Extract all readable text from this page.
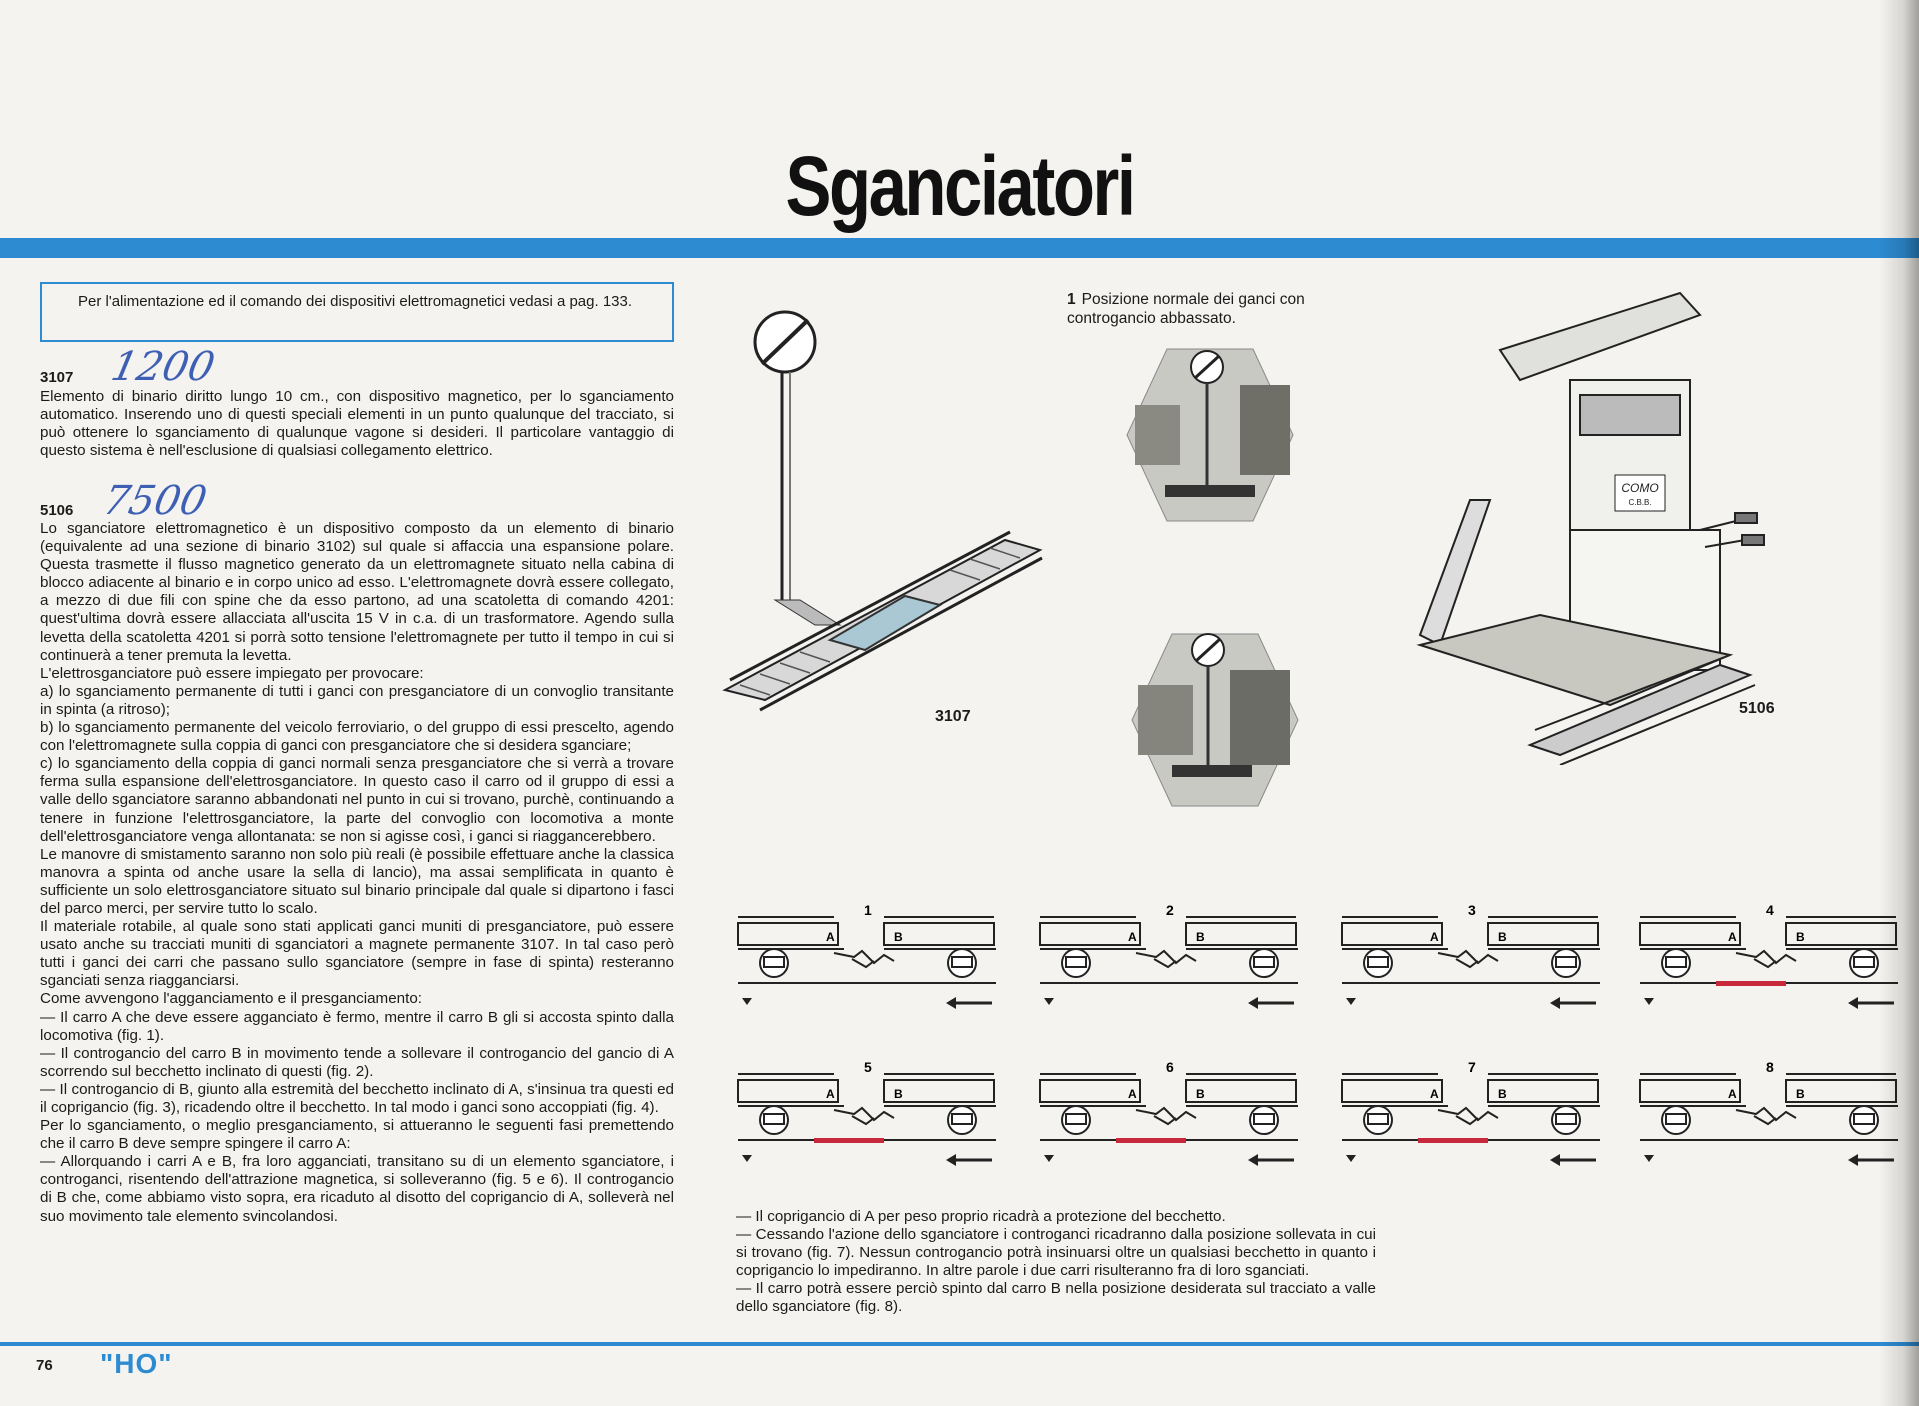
Sganciatori
Per l'alimentazione ed il comando dei dispositivi elettromagnetici vedasi a pag. 133.
3107 1200

Elemento di binario diritto lungo 10 cm., con dispositivo magnetico, per lo sganciamento automatico. Inserendo uno di questi speciali elementi in un punto qualunque del tracciato, si può ottenere lo sganciamento di qualunque vagone si desideri. Il particolare vantaggio di questo sistema è nell'esclusione di qualsiasi collegamento elettrico.

5106 7500

Lo sganciatore elettromagnetico è un dispositivo composto da un elemento di binario (equivalente ad una sezione di binario 3102) sul quale si affaccia una espansione polare. Questa trasmette il flusso magnetico generato da un elettromagnete situato nella cabina di blocco adiacente al binario e in corpo unico ad esso. L'elettromagnete dovrà essere collegato, a mezzo di due fili con spine che da esso partono, ad una scatoletta di comando 4201: quest'ultima dovrà essere allacciata all'uscita 15 V in c.a. di un trasformatore. Agendo sulla levetta della scatoletta 4201 si porrà sotto tensione l'elettromagnete per tutto il tempo in cui si continuerà a tener premuta la levetta.

L'elettrosganciatore può essere impiegato per provocare:

a) lo sganciamento permanente di tutti i ganci con presganciatore di un convoglio transitante in spinta (a ritroso);

b) lo sganciamento permanente del veicolo ferroviario, o del gruppo di essi prescelto, agendo con l'elettromagnete sulla coppia di ganci con presganciatore che si desidera sganciare;

c) lo sganciamento della coppia di ganci normali senza presganciatore che si verrà a trovare ferma sulla espansione dell'elettrosganciatore. In questo caso il carro od il gruppo di essi a valle dello sganciatore saranno abbandonati nel punto in cui si trovano, purchè, continuando a tenere in funzione l'elettrosganciatore, la parte del convoglio con locomotiva a monte dell'elettrosganciatore venga allontanata: se non si agisse così, i ganci si riaggancerebbero.

Le manovre di smistamento saranno non solo più reali (è possibile effettuare anche la classica manovra a spinta od anche usare la sella di lancio), ma assai semplificata in quanto è sufficiente un solo elettrosganciatore situato sul binario principale dal quale si dipartono i fasci del parco merci, per servire tutto lo scalo.

Il materiale rotabile, al quale sono stati applicati ganci muniti di presganciatore, può essere usato anche su tracciati muniti di sganciatori a magnete permanente 3107. In tal caso però tutti i ganci dei carri che passano sullo sganciatore (sempre in fase di spinta) resteranno sganciati senza riagganciarsi.

Come avvengono l'agganciamento e il presganciamento:

— Il carro A che deve essere agganciato è fermo, mentre il carro B gli si accosta spinto dalla locomotiva (fig. 1).

— Il controgancio del carro B in movimento tende a sollevare il controgancio del gancio di A scorrendo sul becchetto inclinato di questi (fig. 2).

— Il controgancio di B, giunto alla estremità del becchetto inclinato di A, s'insinua tra questi ed il coprigancio (fig. 3), ricadendo oltre il becchetto. In tal modo i ganci sono accoppiati (fig. 4).

Per lo sganciamento, o meglio presganciamento, si attueranno le seguenti fasi premettendo che il carro B deve sempre spingere il carro A:

— Allorquando i carri A e B, fra loro agganciati, transitano su di un elemento sganciatore, i controganci, risentendo dell'attrazione magnetica, si solleveranno (fig. 5 e 6). Il controgancio di B che, come abbiamo visto sopra, era ricaduto al disotto del coprigancio di A, solleverà nel suo movimento tale elemento svincolandosi.

1 Posizione normale dei ganci con controgancio abbassato.
3107
COMO
C.B.B.
5106
A	B
1
A	B
2
A	B
3
A	B
4
A	B
5
A	B
6
A	B
7
A	B
8

— Il coprigancio di A per peso proprio ricadrà a protezione del becchetto.

— Cessando l'azione dello sganciatore i controganci ricadranno dalla posizione sollevata in cui si trovano (fig. 7). Nessun controgancio potrà insinuarsi oltre un qualsiasi becchetto in quanto i coprigancio lo impediranno. In altre parole i due carri risulteranno fra di loro sganciati.

— Il carro potrà essere perciò spinto dal carro B nella posizione desiderata sul tracciato a valle dello sganciatore (fig. 8).

76 "HO"
